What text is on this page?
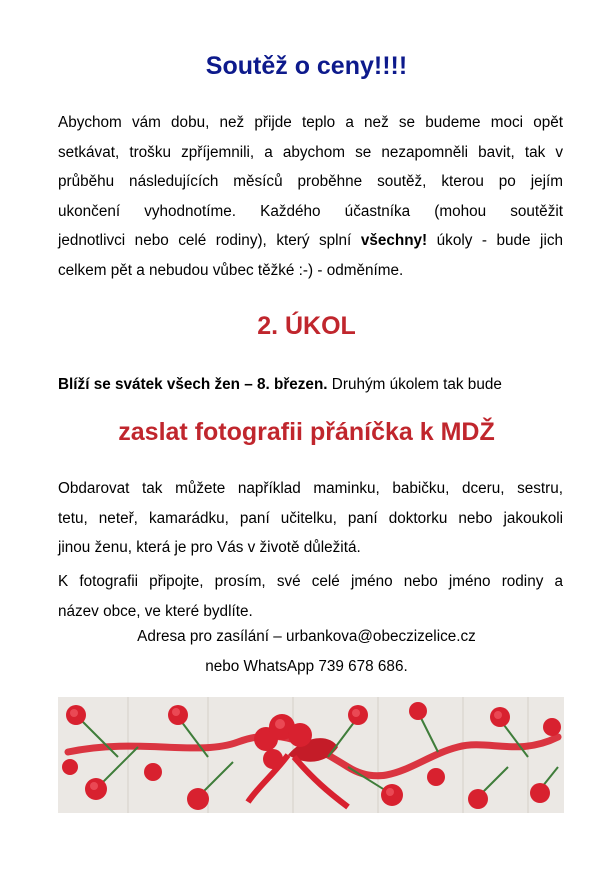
Soutěž o ceny!!!!
Abychom vám dobu, než přijde teplo a než se budeme moci opět
setkávat, trošku zpříjemnili, a abychom se nezapomněli bavit, tak v
průběhu následujících měsíců proběhne soutěž, kterou po jejím
ukončení vyhodnotíme. Každého účastníka (mohou soutěžit
jednotlivci nebo celé rodiny), který splní všechny! úkoly - bude jich
celkem pět a nebudou vůbec těžké :-) - odměníme.
2. ÚKOL

Blíží se svátek všech žen – 8. březen. Druhým úkolem tak bude

zaslat fotografii přáníčka k MDŽ
Obdarovat tak můžete například maminku, babičku, dceru, sestru,
tetu, neteř, kamarádku, paní učitelku, paní doktorku nebo jakoukoli
jinou ženu, která je pro Vás v životě důležitá.
K fotografii připojte, prosím, své celé jméno nebo jméno rodiny a
název obce, ve které bydlíte.

Adresa pro zasílání – urbankova@obeczizelice.cz

nebo WhatsApp 739 678 686.
